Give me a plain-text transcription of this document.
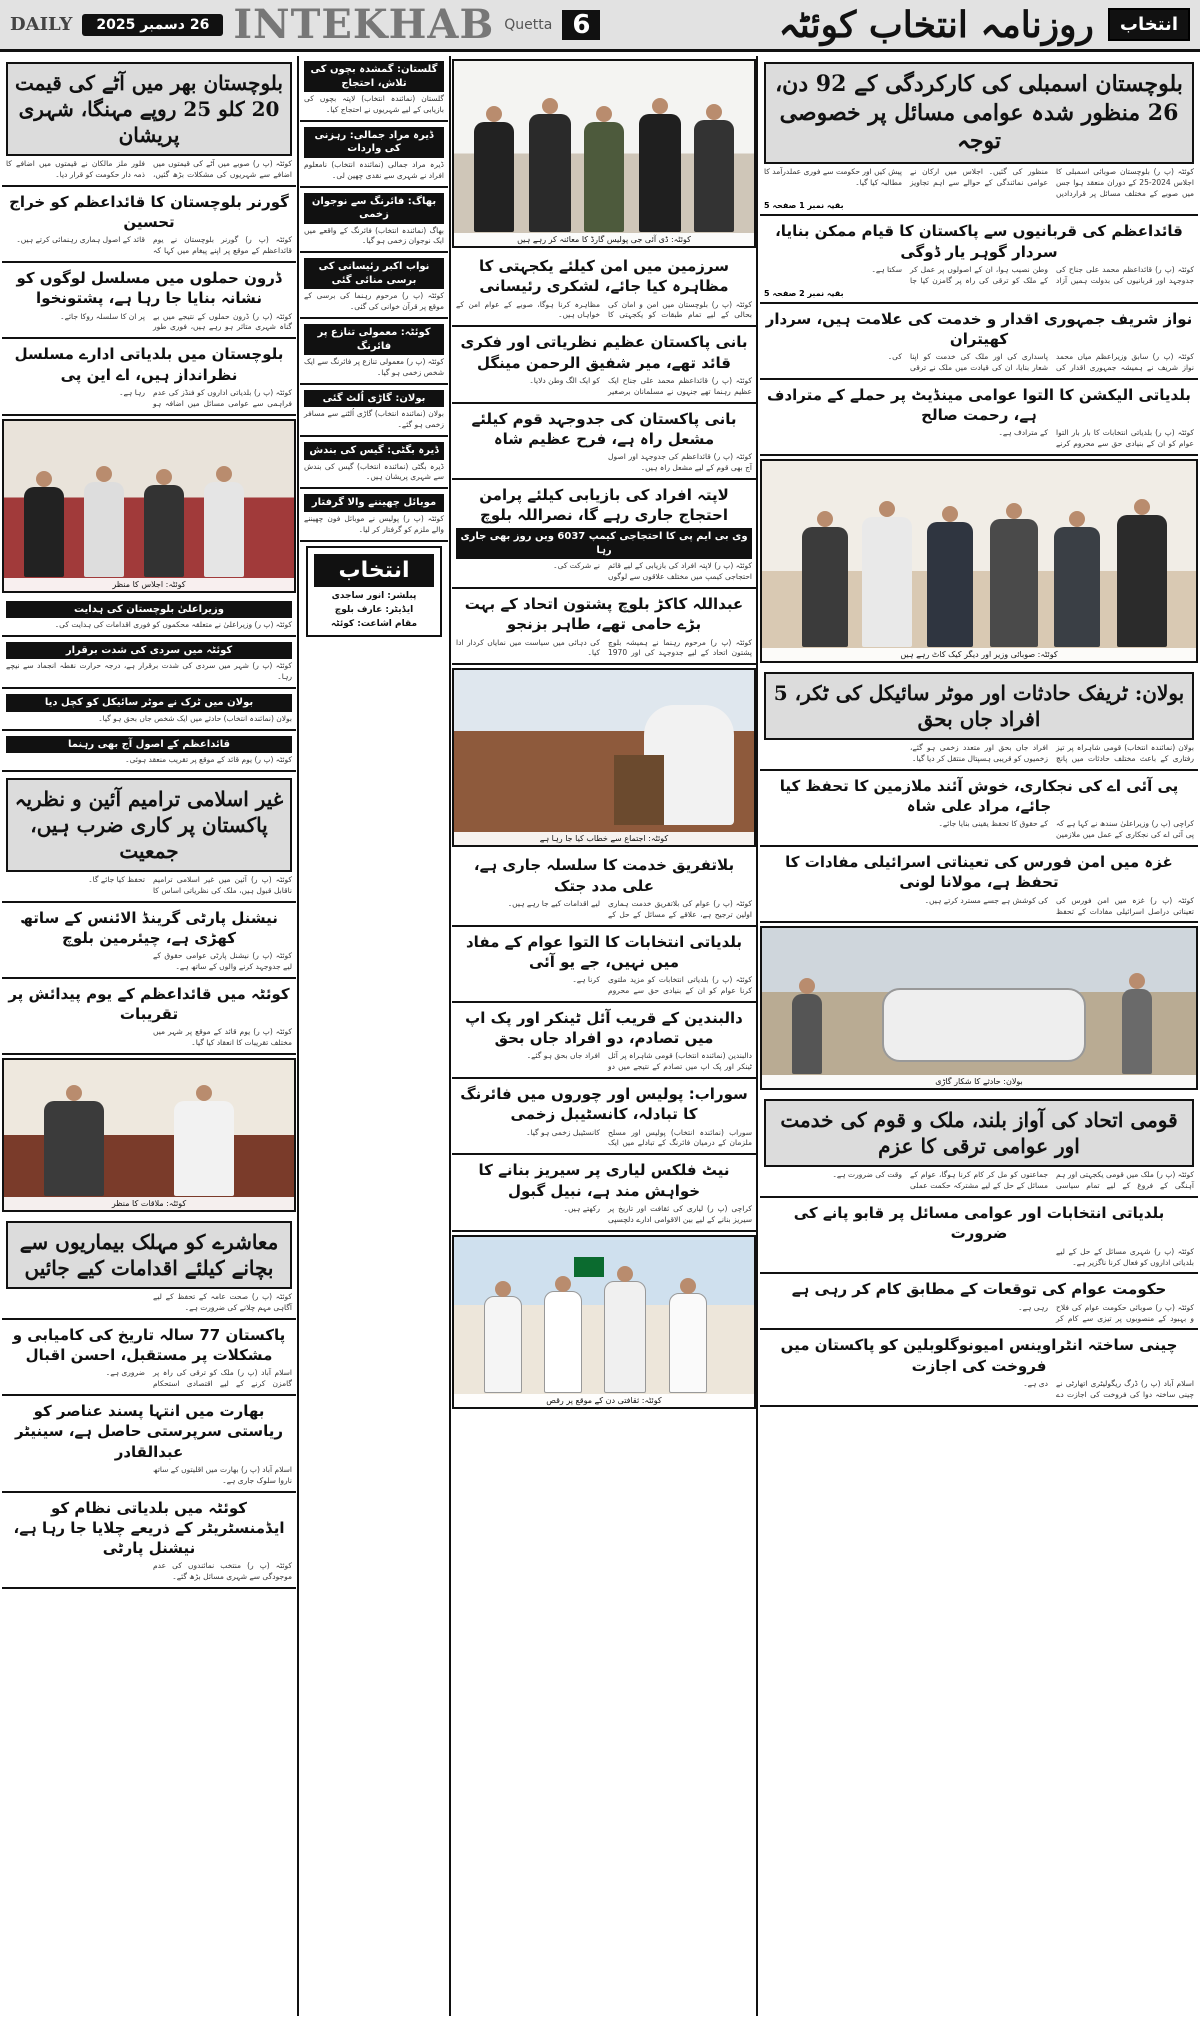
DAILY	26 دسمبر 2025 INTEKHAB Quetta 6	انتخاب
روزنامہ انتخاب کوئٹہ
بلوچستان اسمبلی کی کارکردگی کے 92 دن، 26 منظور شدہ عوامی مسائل پر خصوصی توجہ
کوئٹہ (پ ر) بلوچستان صوبائی اسمبلی کا اجلاس 2024-25 کے دوران منعقد ہوا جس میں صوبے کے مختلف مسائل پر قراردادیں منظور کی گئیں۔ اجلاس میں ارکان نے عوامی نمائندگی کے حوالے سے اہم تجاویز پیش کیں اور حکومت سے فوری عملدرآمد کا مطالبہ کیا گیا۔
بقیہ نمبر 1 صفحہ 5
قائداعظم کی قربانیوں سے پاکستان کا قیام ممکن بنایا، سردار گوہر یار ڈوگی
کوئٹہ (پ ر) قائداعظم محمد علی جناح کی جدوجہد اور قربانیوں کی بدولت ہمیں آزاد وطن نصیب ہوا، ان کے اصولوں پر عمل کر کے ملک کو ترقی کی راہ پر گامزن کیا جا سکتا ہے۔
بقیہ نمبر 2 صفحہ 5
نواز شریف جمہوری اقدار و خدمت کی علامت ہیں، سردار کھیتران
کوئٹہ (پ ر) سابق وزیراعظم میاں محمد نواز شریف نے ہمیشہ جمہوری اقدار کی پاسداری کی اور ملک کی خدمت کو اپنا شعار بنایا، ان کی قیادت میں ملک نے ترقی کی۔
بلدیاتی الیکشن کا التوا عوامی مینڈیٹ پر حملے کے مترادف ہے، رحمت صالح
کوئٹہ (پ ر) بلدیاتی انتخابات کا بار بار التوا عوام کو ان کے بنیادی حق سے محروم کرنے کے مترادف ہے۔
کوئٹہ: صوبائی وزیر اور دیگر کیک کاٹ رہے ہیں
بولان: ٹریفک حادثات اور موٹر سائیکل کی ٹکر، 5 افراد جاں بحق
بولان (نمائندہ انتخاب) قومی شاہراہ پر تیز رفتاری کے باعث مختلف حادثات میں پانچ افراد جاں بحق اور متعدد زخمی ہو گئے، زخمیوں کو قریبی ہسپتال منتقل کر دیا گیا۔
پی آئی اے کی نجکاری، خوش آئند ملازمین کا تحفظ کیا جائے، مراد علی شاہ
کراچی (پ ر) وزیراعلیٰ سندھ نے کہا ہے کہ پی آئی اے کی نجکاری کے عمل میں ملازمین کے حقوق کا تحفظ یقینی بنایا جائے۔
غزہ میں امن فورس کی تعیناتی اسرائیلی مفادات کا تحفظ ہے، مولانا لونی
کوئٹہ (پ ر) غزہ میں امن فورس کی تعیناتی دراصل اسرائیلی مفادات کے تحفظ کی کوشش ہے جسے مسترد کرتے ہیں۔
بولان: حادثے کا شکار گاڑی
قومی اتحاد کی آواز بلند، ملک و قوم کی خدمت اور عوامی ترقی کا عزم
کوئٹہ (پ ر) ملک میں قومی یکجہتی اور ہم آہنگی کے فروغ کے لیے تمام سیاسی جماعتوں کو مل کر کام کرنا ہوگا، عوام کے مسائل کے حل کے لیے مشترکہ حکمت عملی وقت کی ضرورت ہے۔
بلدیاتی انتخابات اور عوامی مسائل پر قابو پانے کی ضرورت
کوئٹہ (پ ر) شہری مسائل کے حل کے لیے بلدیاتی اداروں کو فعال کرنا ناگزیر ہے۔
حکومت عوام کی توقعات کے مطابق کام کر رہی ہے
کوئٹہ (پ ر) صوبائی حکومت عوام کی فلاح و بہبود کے منصوبوں پر تیزی سے کام کر رہی ہے۔
چینی ساختہ انٹراوینس امیونوگلوبلین کو پاکستان میں فروخت کی اجازت
اسلام آباد (پ ر) ڈرگ ریگولیٹری اتھارٹی نے چینی ساختہ دوا کی فروخت کی اجازت دے دی ہے۔
کوئٹہ: ڈی آئی جی پولیس گارڈ کا معائنہ کر رہے ہیں
سرزمین میں امن کیلئے یکجہتی کا مظاہرہ کیا جائے، لشکری رئیسانی
کوئٹہ (پ ر) بلوچستان میں امن و امان کی بحالی کے لیے تمام طبقات کو یکجہتی کا مظاہرہ کرنا ہوگا، صوبے کے عوام امن کے خواہاں ہیں۔
بانی پاکستان عظیم نظریاتی اور فکری قائد تھے، میر شفیق الرحمن مینگل
کوئٹہ (پ ر) قائداعظم محمد علی جناح ایک عظیم رہنما تھے جنہوں نے مسلمانان برصغیر کو ایک الگ وطن دلایا۔
بانی پاکستان کی جدوجہد قوم کیلئے مشعل راہ ہے، فرح عظیم شاہ
کوئٹہ (پ ر) قائداعظم کی جدوجہد اور اصول آج بھی قوم کے لیے مشعل راہ ہیں۔
لاپتہ افراد کی بازیابی کیلئے پرامن احتجاج جاری رہے گا، نصراللہ بلوچ
وی بی ایم پی کا احتجاجی کیمپ 6037 ویں روز بھی جاری رہا
کوئٹہ (پ ر) لاپتہ افراد کی بازیابی کے لیے قائم احتجاجی کیمپ میں مختلف علاقوں سے لوگوں نے شرکت کی۔
عبداللہ کاکڑ بلوچ پشتون اتحاد کے بہت بڑے حامی تھے، طاہر بزنجو
کوئٹہ (پ ر) مرحوم رہنما نے ہمیشہ بلوچ پشتون اتحاد کے لیے جدوجہد کی اور 1970 کی دہائی میں سیاست میں نمایاں کردار ادا کیا۔
کوئٹہ: اجتماع سے خطاب کیا جا رہا ہے
بلاتفریق خدمت کا سلسلہ جاری ہے، علی مدد جتک
کوئٹہ (پ ر) عوام کی بلاتفریق خدمت ہماری اولین ترجیح ہے، علاقے کے مسائل کے حل کے لیے اقدامات کیے جا رہے ہیں۔
بلدیاتی انتخابات کا التوا عوام کے مفاد میں نہیں، جے یو آئی
کوئٹہ (پ ر) بلدیاتی انتخابات کو مزید ملتوی کرنا عوام کو ان کے بنیادی حق سے محروم کرنا ہے۔
دالبندین کے قریب آئل ٹینکر اور پک اپ میں تصادم، دو افراد جاں بحق
دالبندین (نمائندہ انتخاب) قومی شاہراہ پر آئل ٹینکر اور پک اپ میں تصادم کے نتیجے میں دو افراد جاں بحق ہو گئے۔
سوراب: پولیس اور چوروں میں فائرنگ کا تبادلہ، کانسٹیبل زخمی
سوراب (نمائندہ انتخاب) پولیس اور مسلح ملزمان کے درمیان فائرنگ کے تبادلے میں ایک کانسٹیبل زخمی ہو گیا۔
نیٹ فلکس لیاری پر سیریز بنانے کا خواہش مند ہے، نبیل گبول
کراچی (پ ر) لیاری کی ثقافت اور تاریخ پر سیریز بنانے کے لیے بین الاقوامی ادارے دلچسپی رکھتے ہیں۔
کوئٹہ: ثقافتی دن کے موقع پر رقص
گلستان: گمشدہ بچوں کی تلاش، احتجاج
گلستان (نمائندہ انتخاب) لاپتہ بچوں کی بازیابی کے لیے شہریوں نے احتجاج کیا۔
ڈیرہ مراد جمالی: رہزنی کی واردات
ڈیرہ مراد جمالی (نمائندہ انتخاب) نامعلوم افراد نے شہری سے نقدی چھین لی۔
بھاگ: فائرنگ سے نوجوان زخمی
بھاگ (نمائندہ انتخاب) فائرنگ کے واقعے میں ایک نوجوان زخمی ہو گیا۔
نواب اکبر رئیسانی کی برسی منائی گئی
کوئٹہ (پ ر) مرحوم رہنما کی برسی کے موقع پر قرآن خوانی کی گئی۔
کوئٹہ: معمولی تنازع پر فائرنگ
کوئٹہ (پ ر) معمولی تنازع پر فائرنگ سے ایک شخص زخمی ہو گیا۔
بولان: گاڑی اُلٹ گئی
بولان (نمائندہ انتخاب) گاڑی اُلٹنے سے مسافر زخمی ہو گئے۔
ڈیرہ بگٹی: گیس کی بندش
ڈیرہ بگٹی (نمائندہ انتخاب) گیس کی بندش سے شہری پریشان ہیں۔
موبائل چھیننے والا گرفتار
کوئٹہ (پ ر) پولیس نے موبائل فون چھیننے والے ملزم کو گرفتار کر لیا۔
انتخاب
پبلشر: انور ساجدی
ایڈیٹر: عارف بلوچ
مقام اشاعت: کوئٹہ
بلوچستان بھر میں آٹے کی قیمت 20 کلو 25 روپے مہنگا، شہری پریشان
کوئٹہ (پ ر) صوبے میں آٹے کی قیمتوں میں اضافے سے شہریوں کی مشکلات بڑھ گئیں، فلور ملز مالکان نے قیمتوں میں اضافے کا ذمہ دار حکومت کو قرار دیا۔
گورنر بلوچستان کا قائداعظم کو خراج تحسین
کوئٹہ (پ ر) گورنر بلوچستان نے یوم قائداعظم کے موقع پر اپنے پیغام میں کہا کہ قائد کے اصول ہماری رہنمائی کرتے ہیں۔
ڈرون حملوں میں مسلسل لوگوں کو نشانہ بنایا جا رہا ہے، پشتونخوا
کوئٹہ (پ ر) ڈرون حملوں کے نتیجے میں بے گناہ شہری متاثر ہو رہے ہیں، فوری طور پر ان کا سلسلہ روکا جائے۔
بلوچستان میں بلدیاتی ادارے مسلسل نظرانداز ہیں، اے این پی
کوئٹہ (پ ر) بلدیاتی اداروں کو فنڈز کی عدم فراہمی سے عوامی مسائل میں اضافہ ہو رہا ہے۔
کوئٹہ: اجلاس کا منظر
وزیراعلیٰ بلوچستان کی ہدایت
کوئٹہ (پ ر) وزیراعلیٰ نے متعلقہ محکموں کو فوری اقدامات کی ہدایت کی۔
کوئٹہ میں سردی کی شدت برقرار
کوئٹہ (پ ر) شہر میں سردی کی شدت برقرار ہے، درجہ حرارت نقطہ انجماد سے نیچے رہا۔
بولان میں ٹرک نے موٹر سائیکل کو کچل دیا
بولان (نمائندہ انتخاب) حادثے میں ایک شخص جاں بحق ہو گیا۔
قائداعظم کے اصول آج بھی رہنما
کوئٹہ (پ ر) یوم قائد کے موقع پر تقریب منعقد ہوئی۔
غیر اسلامی ترامیم آئین و نظریہ پاکستان پر کاری ضرب ہیں، جمعیت
کوئٹہ (پ ر) آئین میں غیر اسلامی ترامیم ناقابل قبول ہیں، ملک کی نظریاتی اساس کا تحفظ کیا جائے گا۔
نیشنل پارٹی گرینڈ الائنس کے ساتھ کھڑی ہے، چیئرمین بلوچ
کوئٹہ (پ ر) نیشنل پارٹی عوامی حقوق کے لیے جدوجہد کرنے والوں کے ساتھ ہے۔
کوئٹہ میں قائداعظم کے یوم پیدائش پر تقریبات
کوئٹہ (پ ر) یوم قائد کے موقع پر شہر میں مختلف تقریبات کا انعقاد کیا گیا۔
کوئٹہ: ملاقات کا منظر
معاشرے کو مہلک بیماریوں سے بچانے کیلئے اقدامات کیے جائیں
کوئٹہ (پ ر) صحت عامہ کے تحفظ کے لیے آگاہی مہم چلانے کی ضرورت ہے۔
پاکستان 77 سالہ تاریخ کی کامیابی و مشکلات پر مستقبل، احسن اقبال
اسلام آباد (پ ر) ملک کو ترقی کی راہ پر گامزن کرنے کے لیے اقتصادی استحکام ضروری ہے۔
بھارت میں انتہا پسند عناصر کو ریاستی سرپرستی حاصل ہے، سینیٹر عبدالقادر
اسلام آباد (پ ر) بھارت میں اقلیتوں کے ساتھ ناروا سلوک جاری ہے۔
کوئٹہ میں بلدیاتی نظام کو ایڈمنسٹریٹر کے ذریعے چلایا جا رہا ہے، نیشنل پارٹی
کوئٹہ (پ ر) منتخب نمائندوں کی عدم موجودگی سے شہری مسائل بڑھ گئے۔
